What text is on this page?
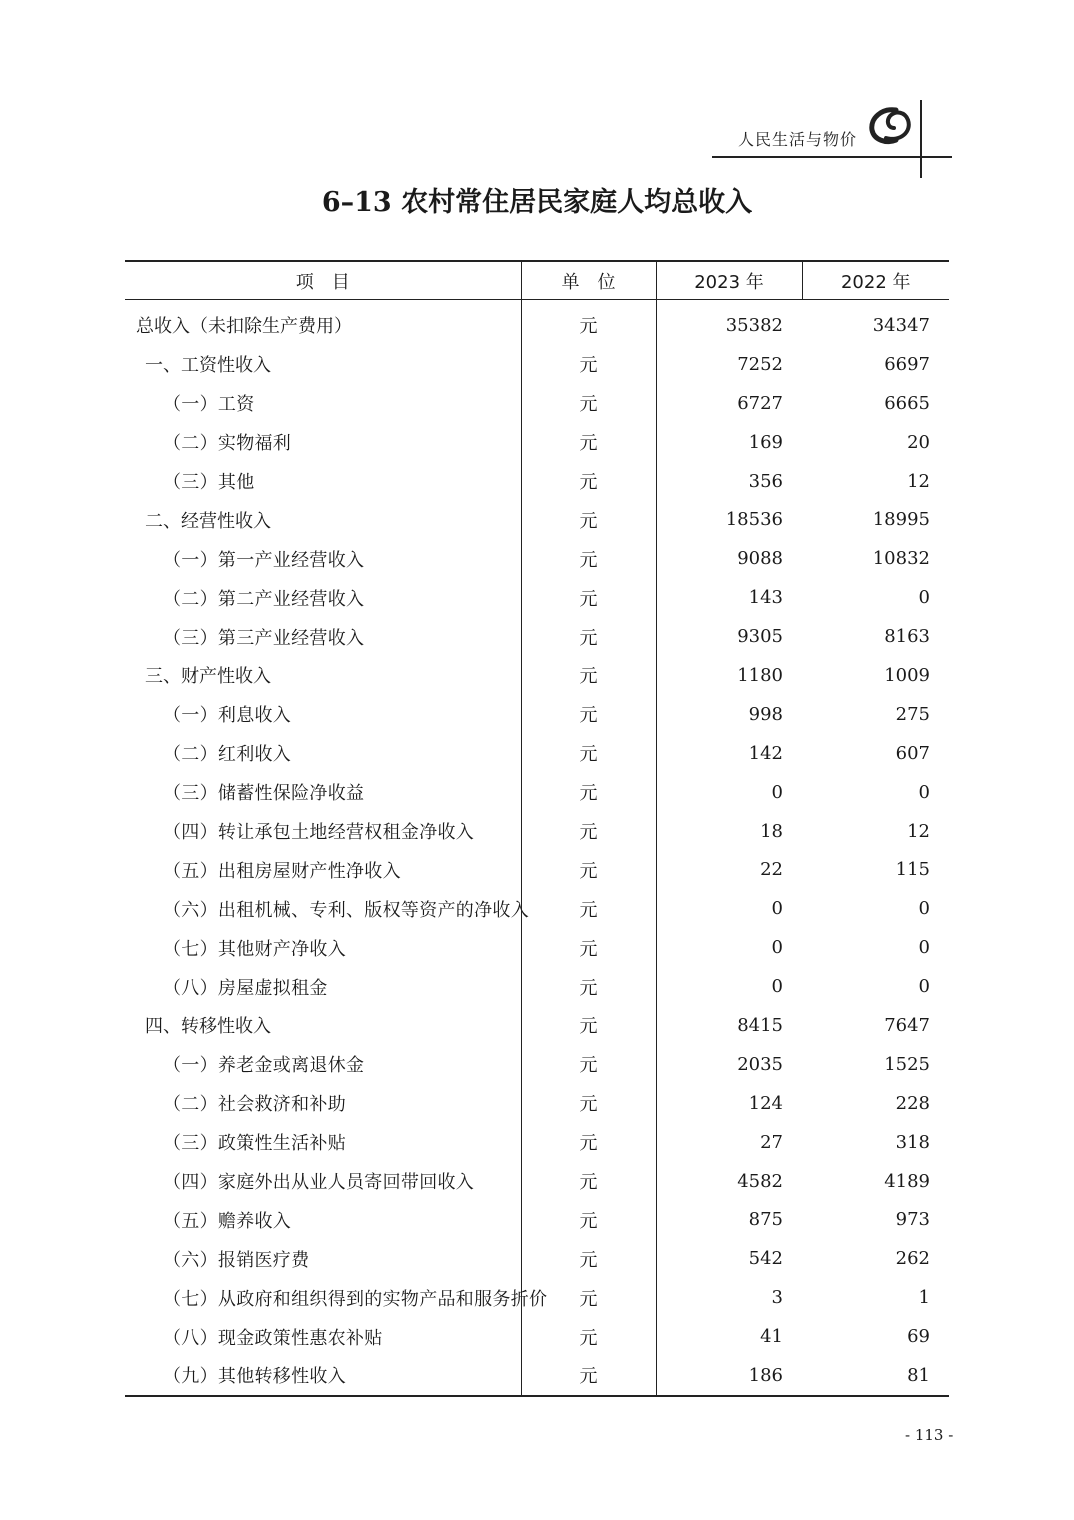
人民生活与物价
6–13 农村常住居民家庭人均总收入
项　目	单　位	2023 年	2022 年
总收入（未扣除生产费用）	元	35382	34347
一、工资性收入	元	7252	6697
（一）工资	元	6727	6665
（二）实物福利	元	169	20
（三）其他	元	356	12
二、经营性收入	元	18536	18995
（一）第一产业经营收入	元	9088	10832
（二）第二产业经营收入	元	143	0
（三）第三产业经营收入	元	9305	8163
三、财产性收入	元	1180	1009
（一）利息收入	元	998	275
（二）红利收入	元	142	607
（三）储蓄性保险净收益	元	0	0
（四）转让承包土地经营权租金净收入	元	18	12
（五）出租房屋财产性净收入	元	22	115
（六）出租机械、专利、版权等资产的净收入	元	0	0
（七）其他财产净收入	元	0	0
（八）房屋虚拟租金	元	0	0
四、转移性收入	元	8415	7647
（一）养老金或离退休金	元	2035	1525
（二）社会救济和补助	元	124	228
（三）政策性生活补贴	元	27	318
（四）家庭外出从业人员寄回带回收入	元	4582	4189
（五）赡养收入	元	875	973
（六）报销医疗费	元	542	262
（七）从政府和组织得到的实物产品和服务折价	元	3	1
（八）现金政策性惠农补贴	元	41	69
（九）其他转移性收入	元	186	81
- 113 -
